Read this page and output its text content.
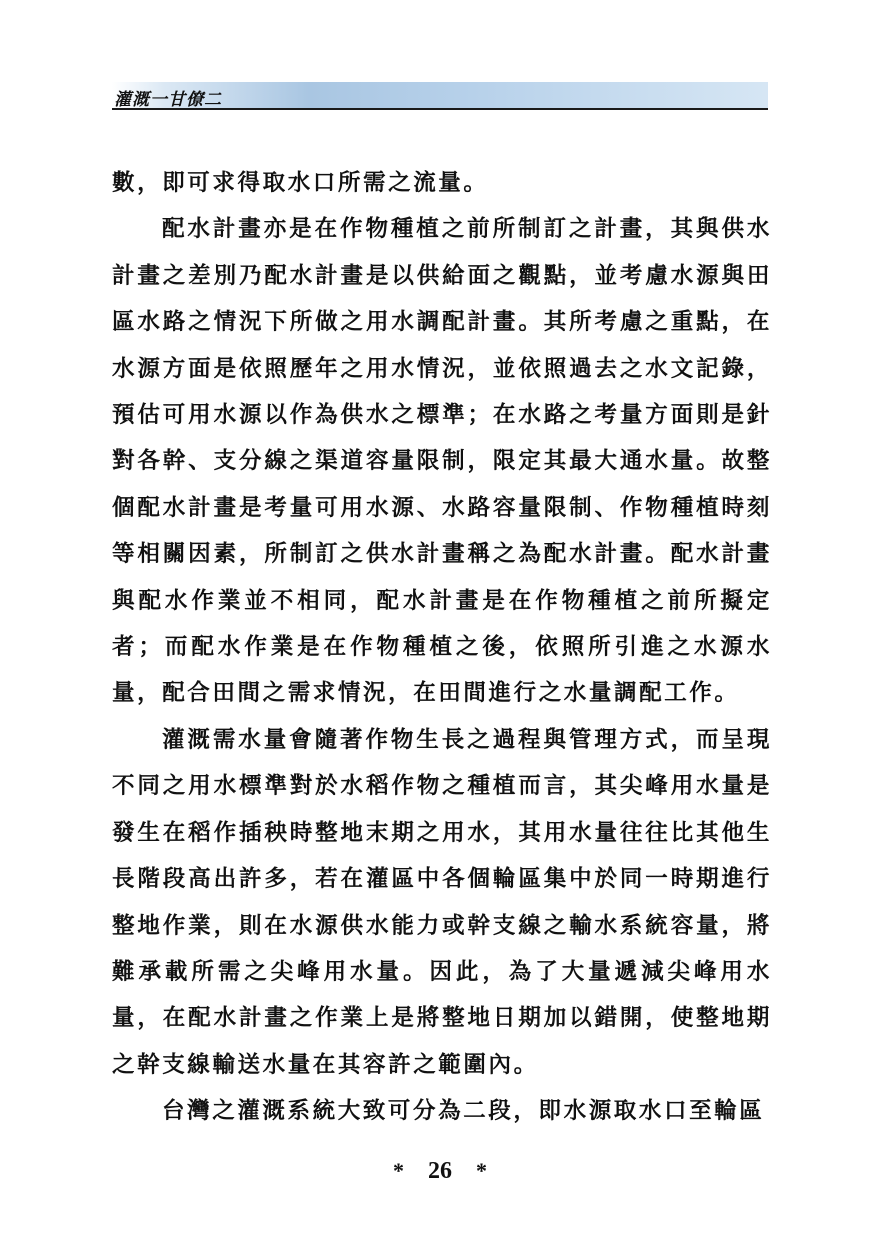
灌溉一甘僚二

數，即可求得取水口所需之流量。

配水計畫亦是在作物種植之前所制訂之計畫，其與供水計畫之差別乃配水計畫是以供給面之觀點，並考慮水源與田區水路之情況下所做之用水調配計畫。其所考慮之重點，在水源方面是依照歷年之用水情況，並依照過去之水文記錄，預估可用水源以作為供水之標準；在水路之考量方面則是針對各幹、支分線之渠道容量限制，限定其最大通水量。故整個配水計畫是考量可用水源、水路容量限制、作物種植時刻等相關因素，所制訂之供水計畫稱之為配水計畫。配水計畫與配水作業並不相同，配水計畫是在作物種植之前所擬定者；而配水作業是在作物種植之後，依照所引進之水源水量，配合田間之需求情況，在田間進行之水量調配工作。

灌溉需水量會隨著作物生長之過程與管理方式，而呈現不同之用水標準對於水稻作物之種植而言，其尖峰用水量是發生在稻作插秧時整地末期之用水，其用水量往往比其他生長階段高出許多，若在灌區中各個輪區集中於同一時期進行整地作業，則在水源供水能力或幹支線之輸水系統容量，將難承載所需之尖峰用水量。因此，為了大量遞減尖峰用水量，在配水計畫之作業上是將整地日期加以錯開，使整地期之幹支線輸送水量在其容許之範圍內。

台灣之灌溉系統大致可分為二段，即水源取水口至輪區

* 26 *
